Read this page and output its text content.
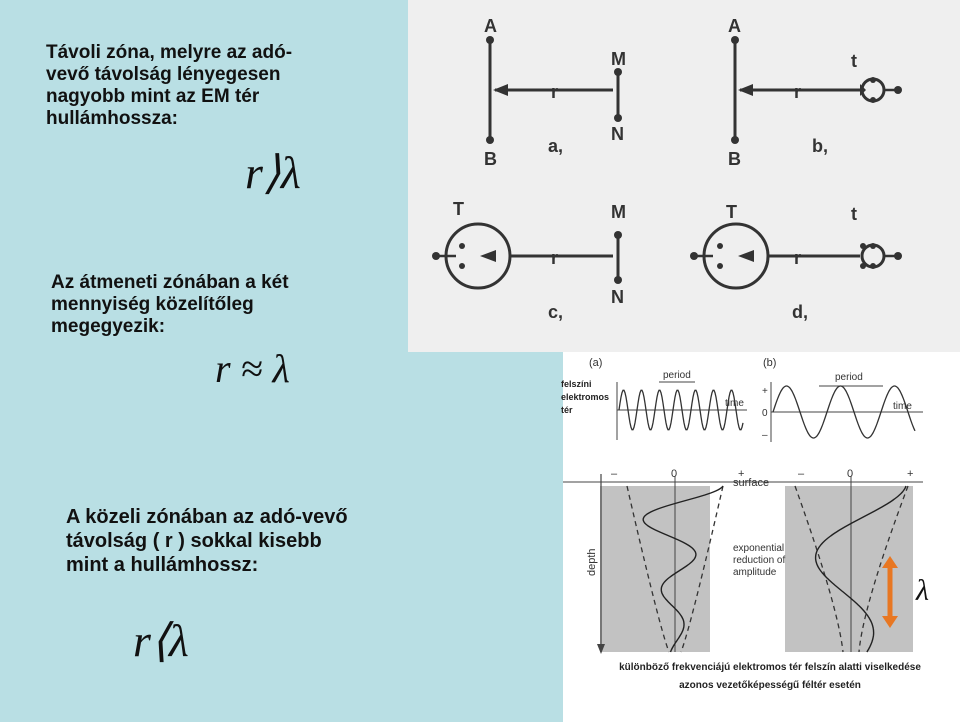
A
B
M
N
r
a,
A
B
t
r
b,
T	M
N
r
c,
T	t
r
d,
(a)	(b)
period	period
time	time
+
0
–
–	0	+	–	0	+
surface
depth	exponential reduction of amplitude
λ
különböző frekvenciájú elektromos tér felszín alatti viselkedése
azonos vezetőképességű féltér esetén
felszíni
elektromos
tér
Távoli zóna, melyre az adó-
vevő távolság lényegesen
nagyobb mint az EM tér
hullámhossza:
r⟩λ
Az átmeneti zónában a két
mennyiség közelítőleg
megegyezik:
r ≈ λ
A közeli zónában az adó-vevő
távolság ( r ) sokkal kisebb
mint a hullámhossz:
r⟨λ
